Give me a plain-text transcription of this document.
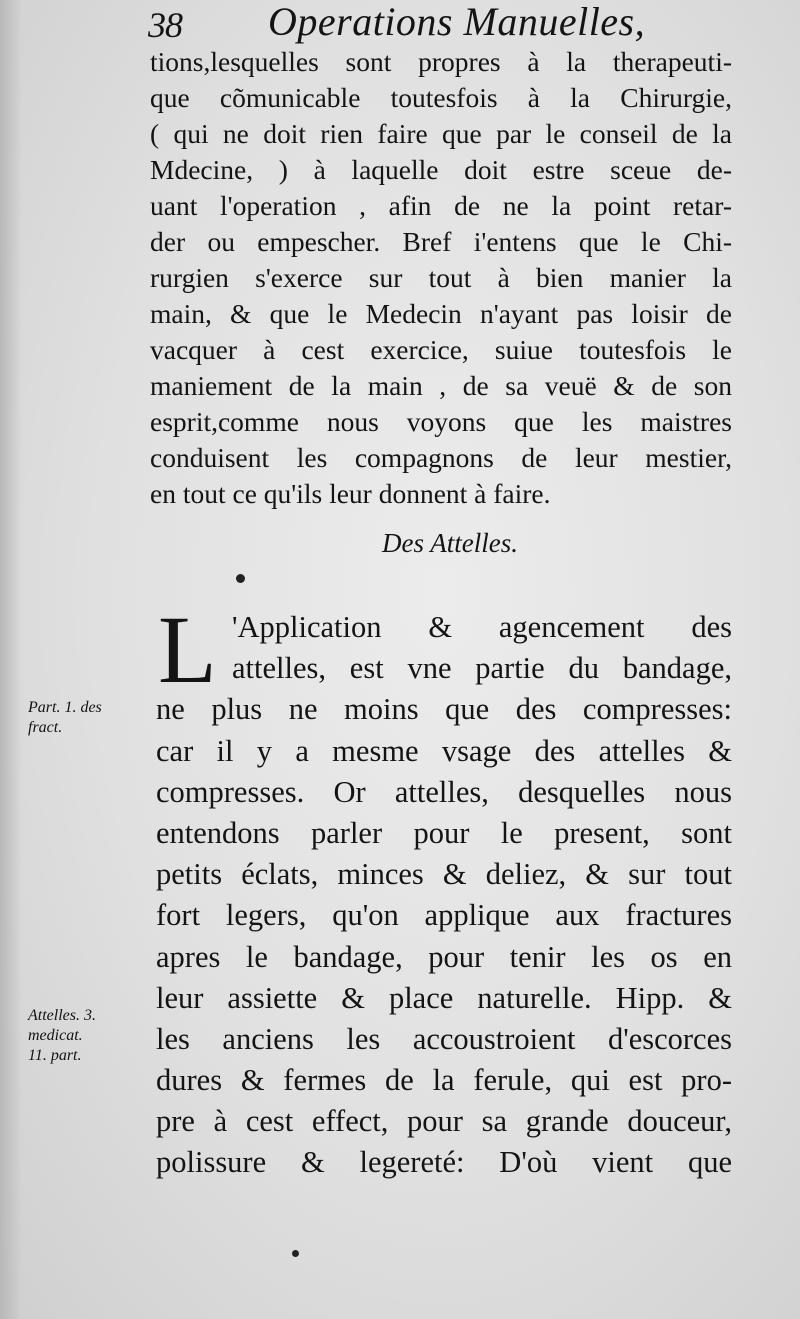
38 Operations Manuelles,
tions,lesquelles sont propres à la therapeuti-
que cõmunicable toutesfois à la Chirurgie,
( qui ne doit rien faire que par le conseil de la
Mdecine, ) à laquelle doit estre sceue de-
uant l'operation , afin de ne la point retar-
der ou empescher. Bref i'entens que le Chi-
rurgien s'exerce sur tout à bien manier la
main, & que le Medecin n'ayant pas loisir de
vacquer à cest exercice, suiue toutesfois le
maniement de la main , de sa veuë & de son
esprit,comme nous voyons que les maistres
conduisent les compagnons de leur mestier,
en tout ce qu'ils leur donnent à faire.
Des Attelles.
L 'Application & agencement des
attelles, est vne partie du bandage,
ne plus ne moins que des compresses:
car il y a mesme vsage des attelles &
compresses. Or attelles, desquelles nous
entendons parler pour le present, sont
petits éclats, minces & deliez, & sur tout
fort legers, qu'on applique aux fractures
apres le bandage, pour tenir les os en
leur assiette & place naturelle. Hipp. &
les anciens les accoustroient d'escorces
dures & fermes de la ferule, qui est pro-
pre à cest effect, pour sa grande douceur,
polissure & legereté: D'où vient que
Part. 1. des
fract.
Attelles. 3.
medicat.
11. part.
